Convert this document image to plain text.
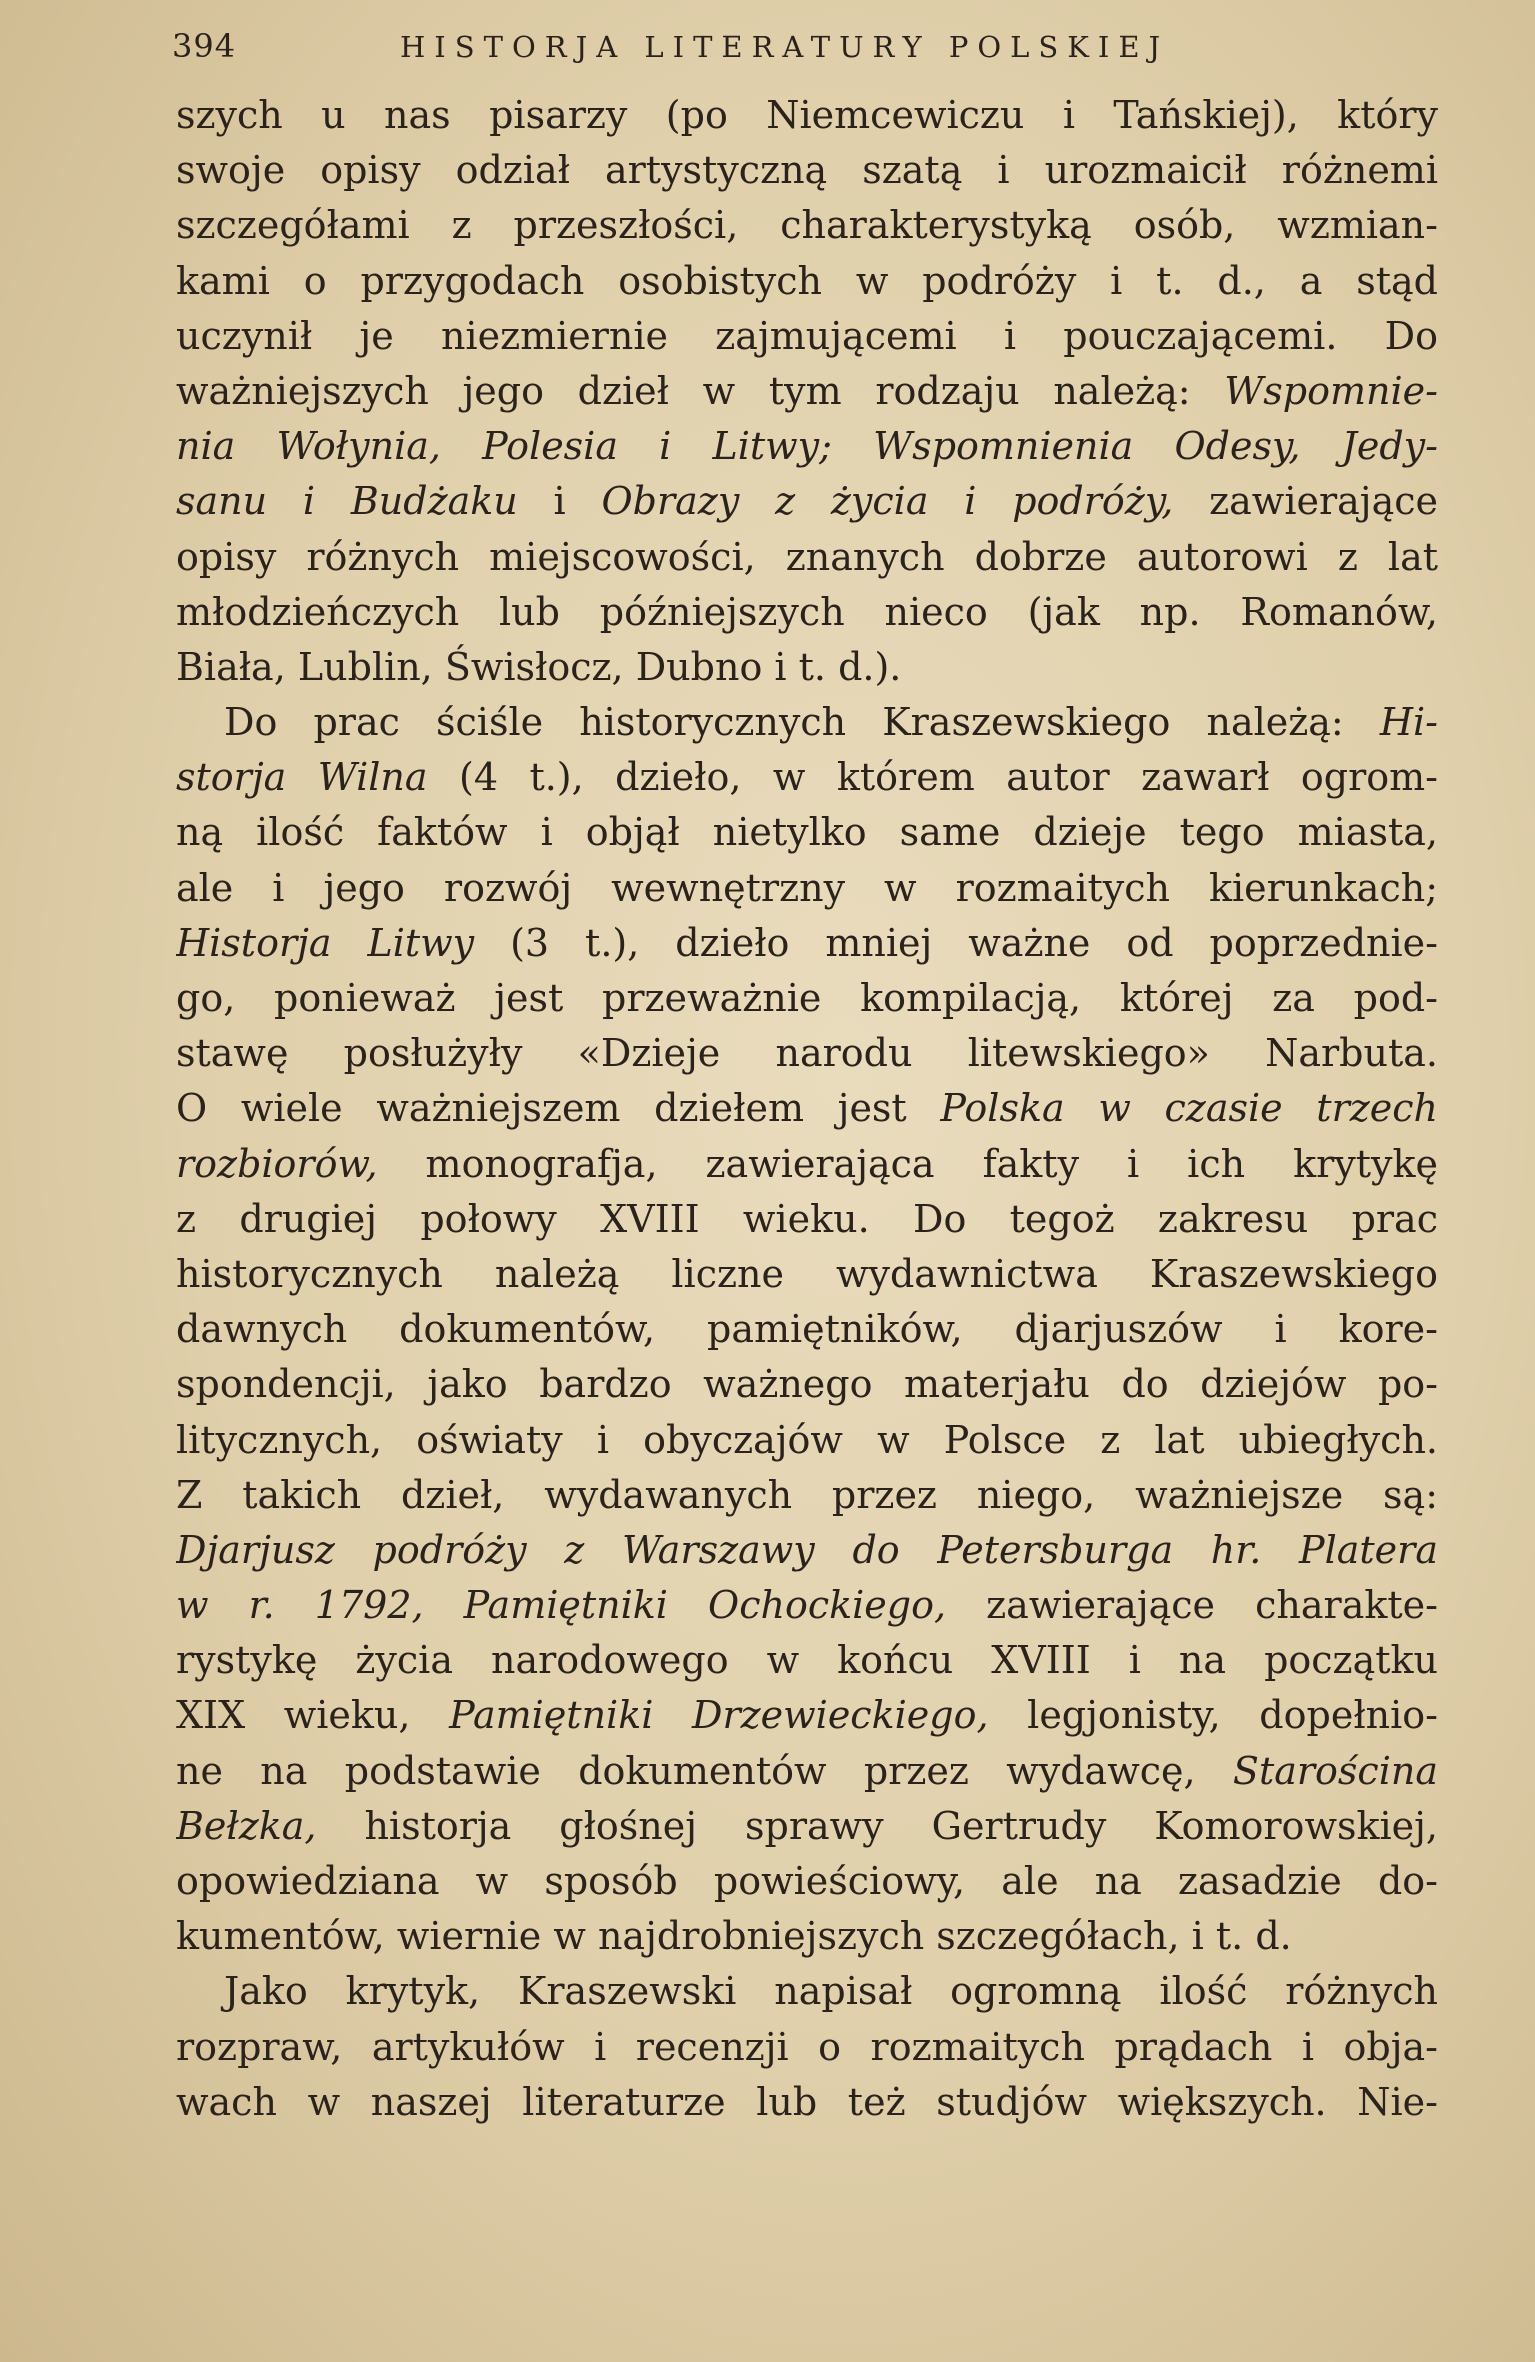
394	HISTORJA LITERATURY POLSKIEJ
szych u nas pisarzy (po Niemcewiczu i Tańskiej), który
swoje opisy odział artystyczną szatą i urozmaicił różnemi
szczegółami z przeszłości, charakterystyką osób, wzmian-
kami o przygodach osobistych w podróży i t. d., a stąd
uczynił je niezmiernie zajmującemi i pouczającemi. Do
ważniejszych jego dzieł w tym rodzaju należą: Wspomnie-
nia Wołynia, Polesia i Litwy; Wspomnienia Odesy, Jedy-
sanu i Budżaku i Obrazy z życia i podróży, zawierające
opisy różnych miejscowości, znanych dobrze autorowi z lat
młodzieńczych lub późniejszych nieco (jak np. Romanów,
Biała, Lublin, Świsłocz, Dubno i t. d.).
Do prac ściśle historycznych Kraszewskiego należą: Hi-
storja Wilna (4 t.), dzieło, w którem autor zawarł ogrom-
ną ilość faktów i objął nietylko same dzieje tego miasta,
ale i jego rozwój wewnętrzny w rozmaitych kierunkach;
Historja Litwy (3 t.), dzieło mniej ważne od poprzednie-
go, ponieważ jest przeważnie kompilacją, której za pod-
stawę posłużyły «Dzieje narodu litewskiego» Narbuta.
O wiele ważniejszem dziełem jest Polska w czasie trzech
rozbiorów, monografja, zawierająca fakty i ich krytykę
z drugiej połowy XVIII wieku. Do tegoż zakresu prac
historycznych należą liczne wydawnictwa Kraszewskiego
dawnych dokumentów, pamiętników, djarjuszów i kore-
spondencji, jako bardzo ważnego materjału do dziejów po-
litycznych, oświaty i obyczajów w Polsce z lat ubiegłych.
Z takich dzieł, wydawanych przez niego, ważniejsze są:
Djarjusz podróży z Warszawy do Petersburga hr. Platera
w r. 1792, Pamiętniki Ochockiego, zawierające charakte-
rystykę życia narodowego w końcu XVIII i na początku
XIX wieku, Pamiętniki Drzewieckiego, legjonisty, dopełnio-
ne na podstawie dokumentów przez wydawcę, Starościna
Bełzka, historja głośnej sprawy Gertrudy Komorowskiej,
opowiedziana w sposób powieściowy, ale na zasadzie do-
kumentów, wiernie w najdrobniejszych szczegółach, i t. d.
Jako krytyk, Kraszewski napisał ogromną ilość różnych
rozpraw, artykułów i recenzji o rozmaitych prądach i obja-
wach w naszej literaturze lub też studjów większych. Nie-
